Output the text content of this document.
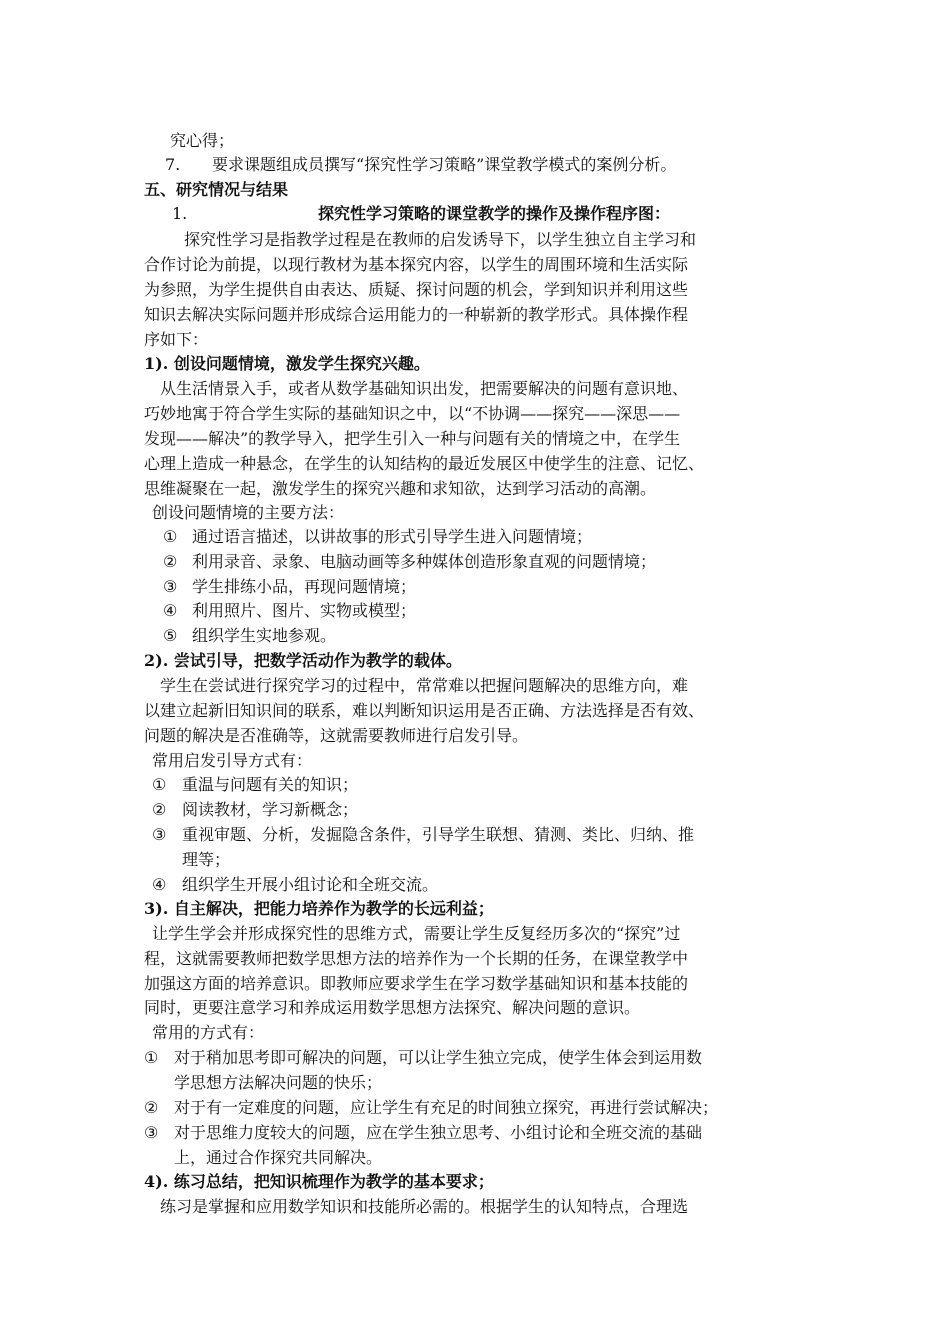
究心得；
7. 要求课题组成员撰写“探究性学习策略”课堂教学模式的案例分析。
五、研究情况与结果
1.	探究性学习策略的课堂教学的操作及操作程序图：
探究性学习是指教学过程是在教师的启发诱导下，以学生独立自主学习和
合作讨论为前提，以现行教材为基本探究内容，以学生的周围环境和生活实际
为参照，为学生提供自由表达、质疑、探讨问题的机会，学到知识并利用这些
知识去解决实际问题并形成综合运用能力的一种崭新的教学形式。具体操作程
序如下：
1). 创设问题情境，激发学生探究兴趣。
从生活情景入手，或者从数学基础知识出发，把需要解决的问题有意识地、
巧妙地寓于符合学生实际的基础知识之中，以“不协调——探究——深思——
发现——解决”的教学导入，把学生引入一种与问题有关的情境之中，在学生
心理上造成一种悬念，在学生的认知结构的最近发展区中使学生的注意、记忆、
思维凝聚在一起，激发学生的探究兴趣和求知欲，达到学习活动的高潮。
创设问题情境的主要方法：
① 通过语言描述，以讲故事的形式引导学生进入问题情境；
② 利用录音、录象、电脑动画等多种媒体创造形象直观的问题情境；
③ 学生排练小品，再现问题情境；
④ 利用照片、图片、实物或模型；
⑤ 组织学生实地参观。
2). 尝试引导，把数学活动作为教学的载体。
学生在尝试进行探究学习的过程中，常常难以把握问题解决的思维方向，难
以建立起新旧知识间的联系，难以判断知识运用是否正确、方法选择是否有效、
问题的解决是否准确等，这就需要教师进行启发引导。
常用启发引导方式有：
① 重温与问题有关的知识；
② 阅读教材，学习新概念；
③ 重视审题、分析，发掘隐含条件，引导学生联想、猜测、类比、归纳、推
理等；
④ 组织学生开展小组讨论和全班交流。
3). 自主解决，把能力培养作为教学的长远利益；
让学生学会并形成探究性的思维方式，需要让学生反复经历多次的“探究”过
程，这就需要教师把数学思想方法的培养作为一个长期的任务，在课堂教学中
加强这方面的培养意识。即教师应要求学生在学习数学基础知识和基本技能的
同时，更要注意学习和养成运用数学思想方法探究、解决问题的意识。
常用的方式有：
① 对于稍加思考即可解决的问题，可以让学生独立完成，使学生体会到运用数
学思想方法解决问题的快乐；
② 对于有一定难度的问题，应让学生有充足的时间独立探究，再进行尝试解决；
③ 对于思维力度较大的问题，应在学生独立思考、小组讨论和全班交流的基础
上，通过合作探究共同解决。
4). 练习总结，把知识梳理作为教学的基本要求；
练习是掌握和应用数学知识和技能所必需的。根据学生的认知特点，合理选
